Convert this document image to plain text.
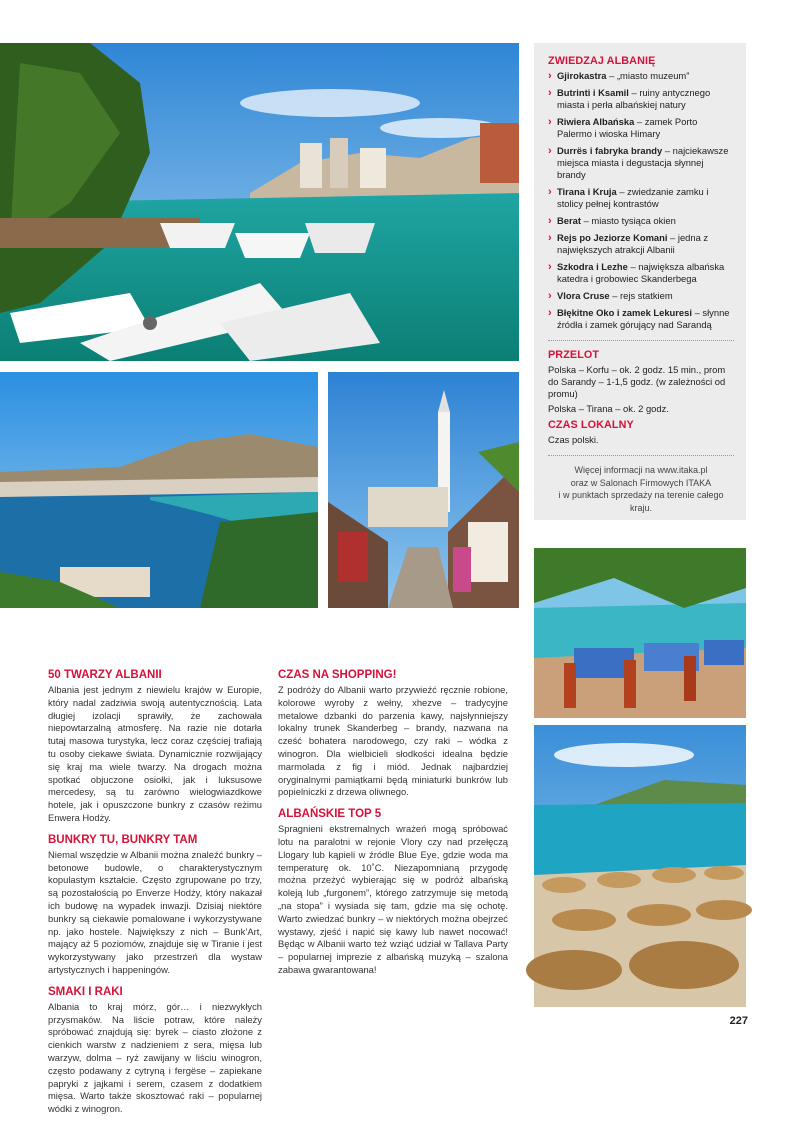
ZWIEDZAJ ALBANIĘ
› Gjirokastra – „miasto muzeum”
› Butrinti i Ksamil – ruiny antycznego miasta i perła albańskiej natury
› Riwiera Albańska – zamek Porto Palermo i wioska Himary
› Durrës i fabryka brandy – najciekawsze miejsca miasta i degustacja słynnej brandy
› Tirana i Kruja – zwiedzanie zamku i stolicy pełnej kontrastów
› Berat – miasto tysiąca okien
› Rejs po Jeziorze Komani – jedna z największych atrakcji Albanii
› Szkodra i Lezhe – największa albańska katedra i grobowiec Skanderbega
› Vlora Cruse – rejs statkiem
› Błękitne Oko i zamek Lekuresi – słynne źródła i zamek górujący nad Sarandą
PRZELOT
Polska – Korfu – ok. 2 godz. 15 min., prom do Sarandy – 1-1,5 godz. (w zależności od promu)
Polska – Tirana – ok. 2 godz.
CZAS LOKALNY
Czas polski.
Więcej informacji na www.itaka.pl
oraz w Salonach Firmowych ITAKA
i w punktach sprzedaży na terenie całego kraju.
50 TWARZY ALBANII

Albania jest jednym z niewielu krajów w Europie, który nadal zadziwia swoją autentycznością. Lata długiej izolacji sprawiły, że zachowała niepowtarzalną atmosferę. Na razie nie dotarła tutaj masowa turystyka, lecz coraz częściej trafiają tu osoby ciekawe świata. Dynamicznie rozwijający się kraj ma wiele twarzy. Na drogach można spotkać objuczone osiołki, jak i luksusowe mercedesy, są tu zarówno wielogwiazdkowe hotele, jak i opuszczone bunkry z czasów reżimu Enwera Hodży.

BUNKRY TU, BUNKRY TAM

Niemal wszędzie w Albanii można znaleźć bunkry – betonowe budowle, o charakterystycznym kopulastym kształcie. Często zgrupowane po trzy, są pozostałością po Enverze Hodży, który nakazał ich budowę na wypadek inwazji. Dzisiaj niektóre bunkry są ciekawie pomalowane i wykorzystywane np. jako hostele. Największy z nich – Bunk’Art, mający aż 5 poziomów, znajduje się w Tiranie i jest wykorzystywany jako przestrzeń dla wystaw artystycznych i happeningów.

SMAKI I RAKI

Albania to kraj mórz, gór… i niezwykłych przysmaków. Na liście potraw, które należy spróbować znajdują się: byrek – ciasto złożone z cienkich warstw z nadzieniem z sera, mięsa lub warzyw, dolma – ryż zawijany w liściu winogron, często podawany z cytryną i fergëse – zapiekane papryki z jajkami i serem, czasem z dodatkiem mięsa. Warto także skosztować raki – popularnej wódki z winogron.

CZAS NA SHOPPING!

Z podróży do Albanii warto przywieźć ręcznie robione, kolorowe wyroby z wełny, xhezve – tradycyjne metalowe dzbanki do parzenia kawy, najsłynniejszy lokalny trunek Skanderbeg – brandy, nazwana na cześć bohatera narodowego, czy raki – wódka z winogron. Dla wielbicieli słodkości idealna będzie marmolada z fig i miód. Jednak najbardziej oryginalnymi pamiątkami będą miniaturki bunkrów lub popielniczki z drzewa oliwnego.

ALBAŃSKIE TOP 5

Spragnieni ekstremalnych wrażeń mogą spróbować lotu na paralotni w rejonie Vlory czy nad przełęczą Llogary lub kąpieli w źródle Blue Eye, gdzie woda ma temperaturę ok. 10˚C. Niezapomnianą przygodę można przeżyć wybierając się w podróż albańską koleją lub „furgonem”, którego zatrzymuje się metodą „na stopa” i wysiada się tam, gdzie ma się ochotę. Warto zwiedzać bunkry – w niektórych można obejrzeć wystawy, zjeść i napić się kawy lub nawet nocować! Będąc w Albanii warto też wziąć udział w Tallava Party – popularnej imprezie z albańską muzyką – szalona zabawa gwarantowana!

227
